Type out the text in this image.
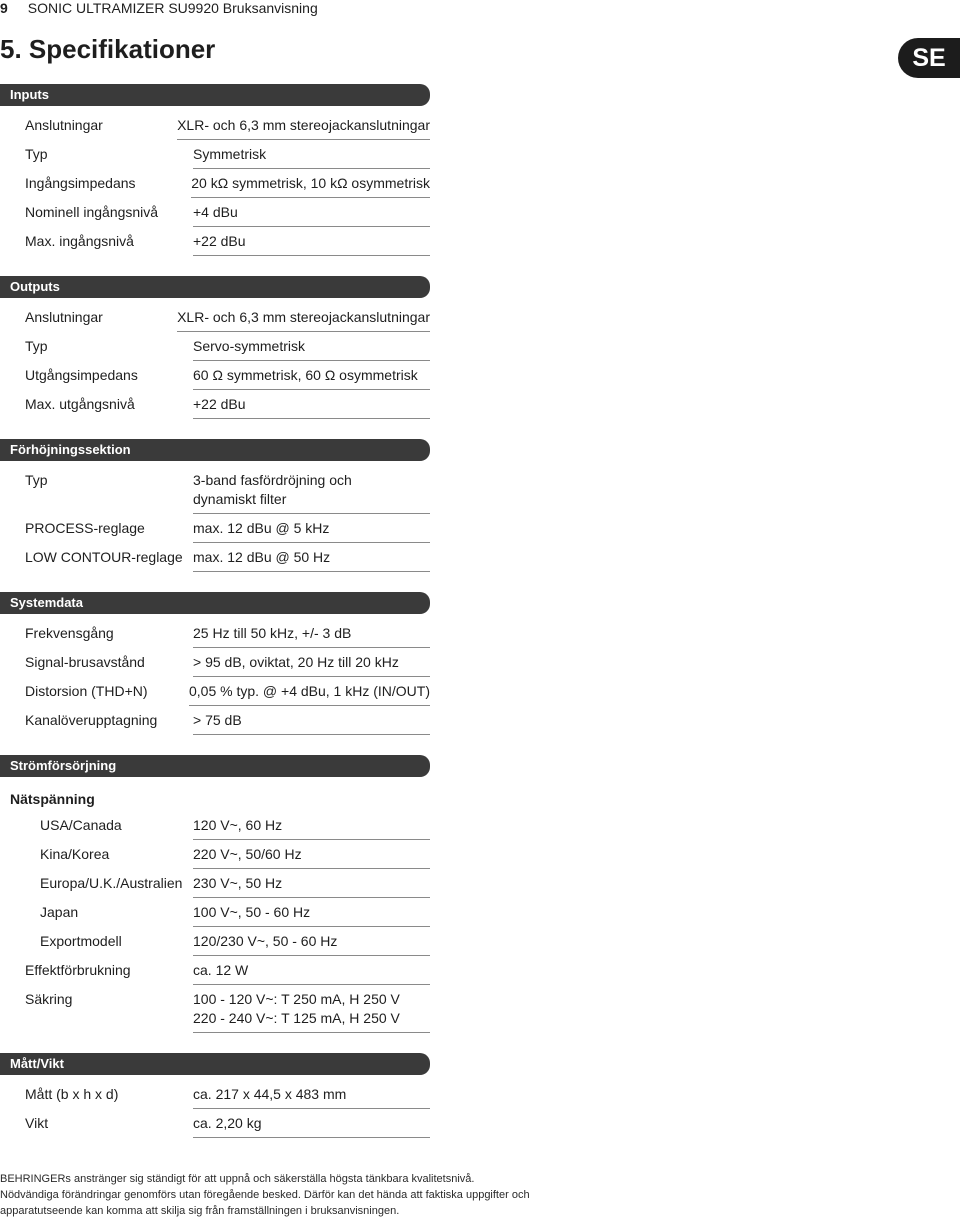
9 SONIC ULTRAMIZER SU9920 Bruksanvisning
5. Specifikationer	SE
Inputs
Anslutningar	XLR- och 6,3 mm stereojackanslutningar
Typ	Symmetrisk
Ingångsimpedans	20 kΩ symmetrisk, 10 kΩ osymmetrisk
Nominell ingångsnivå	+4 dBu
Max. ingångsnivå	+22 dBu
Outputs
Anslutningar	XLR- och 6,3 mm stereojackanslutningar
Typ	Servo-symmetrisk
Utgångsimpedans	60 Ω symmetrisk, 60 Ω osymmetrisk
Max. utgångsnivå	+22 dBu
Förhöjningssektion
Typ	3-band fasfördröjning och
dynamiskt filter
PROCESS-reglage	max. 12 dBu @ 5 kHz
LOW CONTOUR-reglage max. 12 dBu @ 50 Hz
Systemdata
Frekvensgång	25 Hz till 50 kHz, +/- 3 dB
Signal-brusavstånd	> 95 dB, oviktat, 20 Hz till 20 kHz
Distorsion (THD+N)	0,05 % typ. @ +4 dBu, 1 kHz (IN/OUT)
Kanalöverupptagning	> 75 dB
Strömförsörjning
Nätspänning
USA/Canada	120 V~, 60 Hz
Kina/Korea	220 V~, 50/60 Hz
Europa/U.K./Australien 230 V~, 50 Hz
Japan	100 V~, 50 - 60 Hz
Exportmodell	120/230 V~, 50 - 60 Hz
Effektförbrukning	ca. 12 W
Säkring	100 - 120 V~: T 250 mA, H 250 V
220 - 240 V~: T 125 mA, H 250 V
Mått/Vikt
Mått (b x h x d)	ca. 217 x 44,5 x 483 mm
Vikt	ca. 2,20 kg
BEHRINGERs anstränger sig ständigt för att uppnå och säkerställa högsta tänkbara kvalitetsnivå.
Nödvändiga förändringar genomförs utan föregående besked. Därför kan det hända att faktiska uppgifter och
apparatutseende kan komma att skilja sig från framställningen i bruksanvisningen.
